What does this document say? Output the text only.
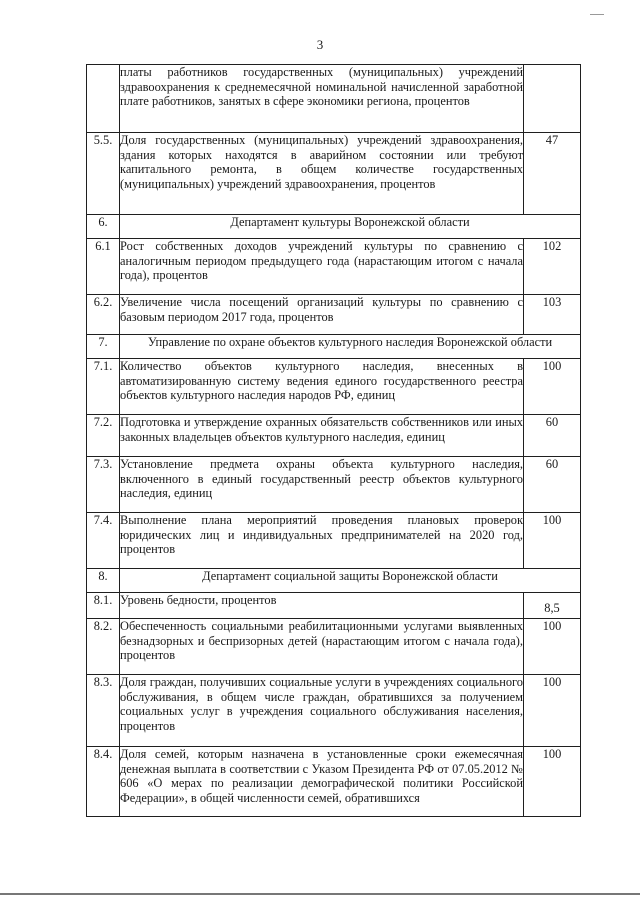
3
	платы работников государственных (муниципальных) учреждений здравоохранения к среднемесячной номинальной начисленной заработной плате работников, занятых в сфере экономики региона, процентов	
5.5.	Доля государственных (муниципальных) учреждений здравоохранения, здания которых находятся в аварийном состоянии или требуют капитального ремонта, в общем количестве государственных (муниципальных) учреждений здравоохранения, процентов	47
6.	Департамент культуры Воронежской области	
6.1	Рост собственных доходов учреждений культуры по сравнению с аналогичным периодом предыдущего года (нарастающим итогом с начала года), процентов	102
6.2.	Увеличение числа посещений организаций культуры по сравнению с базовым периодом 2017 года, процентов	103
7.	Управление по охране объектов культурного наследия Воронежской области	
7.1.	Количество объектов культурного наследия, внесенных в автоматизированную систему ведения единого государственного реестра объектов культурного наследия народов РФ, единиц	100
7.2.	Подготовка и утверждение охранных обязательств собственников или иных законных владельцев объектов культурного наследия, единиц	60
7.3.	Установление предмета охраны объекта культурного наследия, включенного в единый государственный реестр объектов культурного наследия, единиц	60
7.4.	Выполнение плана мероприятий проведения плановых проверок юридических лиц и индивидуальных предпринимателей на 2020 год, процентов	100
8.	Департамент социальной защиты Воронежской области	
8.1.	Уровень бедности, процентов	8,5
8.2.	Обеспеченность социальными реабилитационными услугами выявленных безнадзорных и беспризорных детей (нарастающим итогом с начала года), процентов	100
8.3.	Доля граждан, получивших социальные услуги в учреждениях социального обслуживания, в общем числе граждан, обратившихся за получением социальных услуг в учреждения социального обслуживания населения, процентов	100
8.4.	Доля семей, которым назначена в установленные сроки ежемесячная денежная выплата в соответствии с Указом Президента РФ от 07.05.2012 № 606 «О мерах по реализации демографической политики Российской Федерации», в общей численности семей, обратившихся	100
